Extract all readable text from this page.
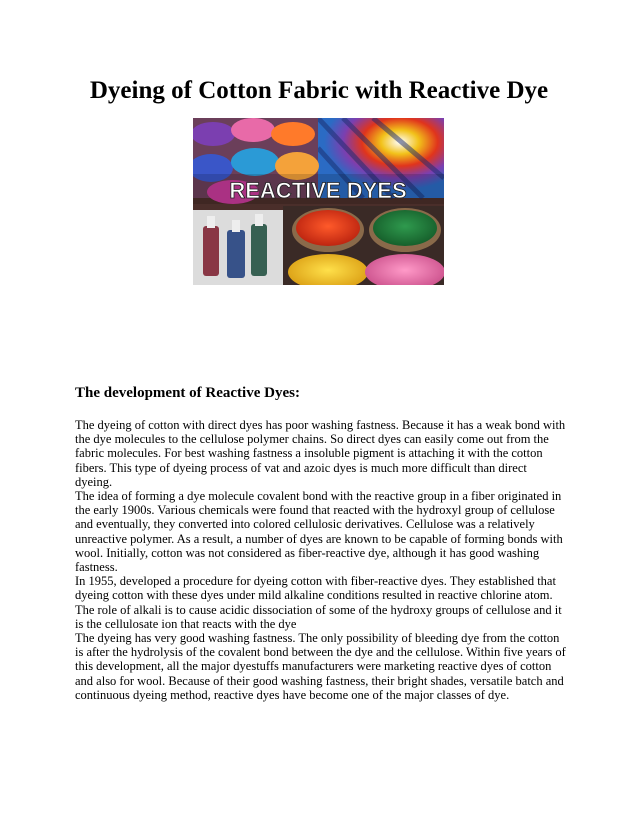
Dyeing of Cotton Fabric with Reactive Dye
REACTIVE DYES
The development of Reactive Dyes:

The dyeing of cotton with direct dyes has poor washing fastness. Because it has a weak bond with the dye molecules to the cellulose polymer chains. So direct dyes can easily come out from the fabric molecules. For best washing fastness a insoluble pigment is attaching it with the cotton fibers. This type of dyeing process of vat and azoic dyes is much more difficult than direct dyeing.

The idea of forming a dye molecule covalent bond with the reactive group in a fiber originated in the early 1900s. Various chemicals were found that reacted with the hydroxyl group of cellulose and eventually, they converted into colored cellulosic derivatives. Cellulose was a relatively unreactive polymer. As a result, a number of dyes are known to be capable of forming bonds with wool. Initially, cotton was not considered as fiber-reactive dye, although it has good washing fastness.

In 1955, developed a procedure for dyeing cotton with fiber-reactive dyes. They established that dyeing cotton with these dyes under mild alkaline conditions resulted in reactive chlorine atom. The role of alkali is to cause acidic dissociation of some of the hydroxy groups of cellulose and it is the cellulosate ion that reacts with the dye

The dyeing has very good washing fastness. The only possibility of bleeding dye from the cotton is after the hydrolysis of the covalent bond between the dye and the cellulose. Within five years of this development, all the major dyestuffs manufacturers were marketing reactive dyes of cotton and also for wool. Because of their good washing fastness, their bright shades, versatile batch and continuous dyeing method, reactive dyes have become one of the major classes of dye.
